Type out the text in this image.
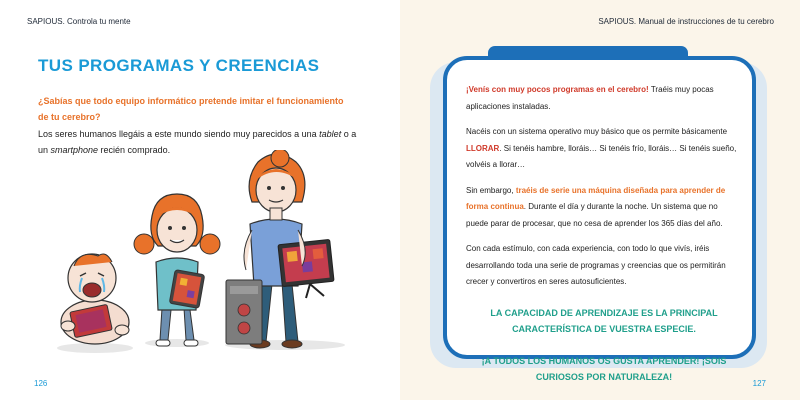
SAPIOUS. Controla tu mente
TUS PROGRAMAS Y CREENCIAS

¿Sabías que todo equipo informático pretende imitar el funcionamiento de tu cerebro?

Los seres humanos llegáis a este mundo siendo muy parecidos a una tablet o a un smartphone recién comprado.

126
SAPIOUS. Manual de instrucciones de tu cerebro

¡Venís con muy pocos programas en el cerebro! Traéis muy pocas aplicaciones instaladas.

Nacéis con un sistema operativo muy básico que os permite básicamente LLORAR. Si tenéis hambre, lloráis… Si tenéis frío, lloráis… Si tenéis sueño, volvéis a llorar…

Sin embargo, traéis de serie una máquina diseñada para aprender de forma continua. Durante el día y durante la noche. Un sistema que no puede parar de procesar, que no cesa de aprender los 365 días del año.

Con cada estímulo, con cada experiencia, con todo lo que vivís, iréis desarrollando toda una serie de programas y creencias que os permitirán crecer y convertiros en seres autosuficientes.

LA CAPACIDAD DE APRENDIZAJE ES LA PRINCIPAL CARACTERÍSTICA DE VUESTRA ESPECIE.

¡A TODOS LOS HUMANOS OS GUSTA APRENDER! ¡SOIS CURIOSOS POR NATURALEZA!

127
